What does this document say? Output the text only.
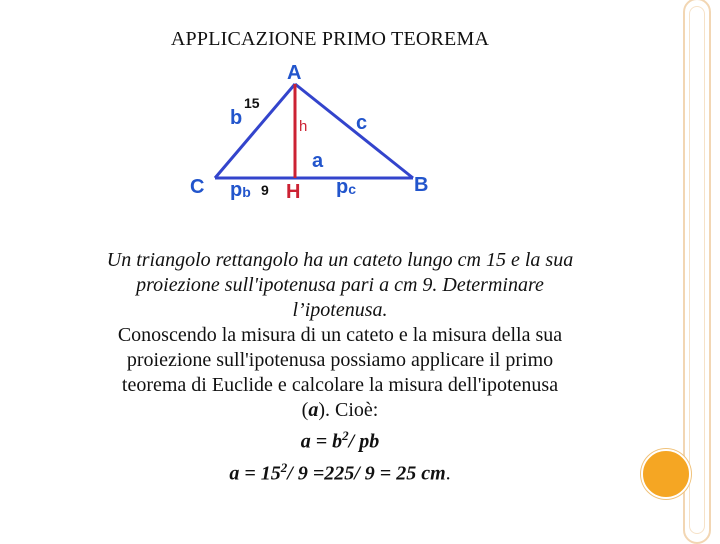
APPLICAZIONE PRIMO TEOREMA
A
C	B
H
b
15
c
h
a
pb 9	pc

Un triangolo rettangolo ha un cateto lungo cm 15 e la sua

proiezione sull'ipotenusa pari a cm 9. Determinare

l’ipotenusa.

Conoscendo la misura di un cateto e la misura della sua

proiezione sull'ipotenusa possiamo applicare il primo

teorema di Euclide e calcolare la misura dell'ipotenusa

(a). Cioè:

$a = b^2/$ pb

$a = 15^2/$ 9 =225/ 9 = 25 cm.
